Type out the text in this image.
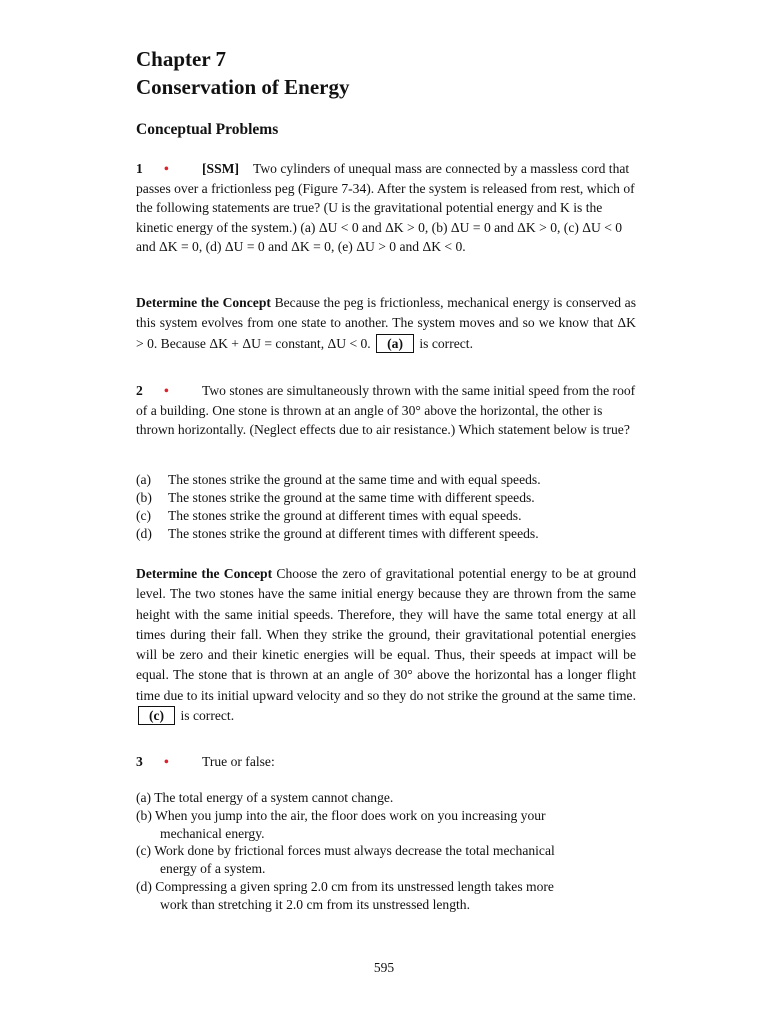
Chapter 7
Conservation of Energy
Conceptual Problems
1 • [SSM] Two cylinders of unequal mass are connected by a massless cord that passes over a frictionless peg (Figure 7-34). After the system is released from rest, which of the following statements are true? (U is the gravitational potential energy and K is the kinetic energy of the system.) (a) ΔU < 0 and ΔK > 0, (b) ΔU = 0 and ΔK > 0, (c) ΔU < 0 and ΔK = 0, (d) ΔU = 0 and ΔK = 0, (e) ΔU > 0 and ΔK < 0.
Determine the Concept Because the peg is frictionless, mechanical energy is conserved as this system evolves from one state to another. The system moves and so we know that ΔK > 0. Because ΔK + ΔU = constant, ΔU < 0. (a) is correct.
2 • Two stones are simultaneously thrown with the same initial speed from the roof of a building. One stone is thrown at an angle of 30° above the horizontal, the other is thrown horizontally. (Neglect effects due to air resistance.) Which statement below is true?
(a)	The stones strike the ground at the same time and with equal speeds.
(b)	The stones strike the ground at the same time with different speeds.
(c)	The stones strike the ground at different times with equal speeds.
(d)	The stones strike the ground at different times with different speeds.
Determine the Concept Choose the zero of gravitational potential energy to be at ground level. The two stones have the same initial energy because they are thrown from the same height with the same initial speeds. Therefore, they will have the same total energy at all times during their fall. When they strike the ground, their gravitational potential energies will be zero and their kinetic energies will be equal. Thus, their speeds at impact will be equal. The stone that is thrown at an angle of 30° above the horizontal has a longer flight time due to its initial upward velocity and so they do not strike the ground at the same time. (c) is correct.
3 • True or false:
(a) The total energy of a system cannot change.
(b) When you jump into the air, the floor does work on you increasing your
mechanical energy.
(c) Work done by frictional forces must always decrease the total mechanical
energy of a system.
(d) Compressing a given spring 2.0 cm from its unstressed length takes more
work than stretching it 2.0 cm from its unstressed length.
595
